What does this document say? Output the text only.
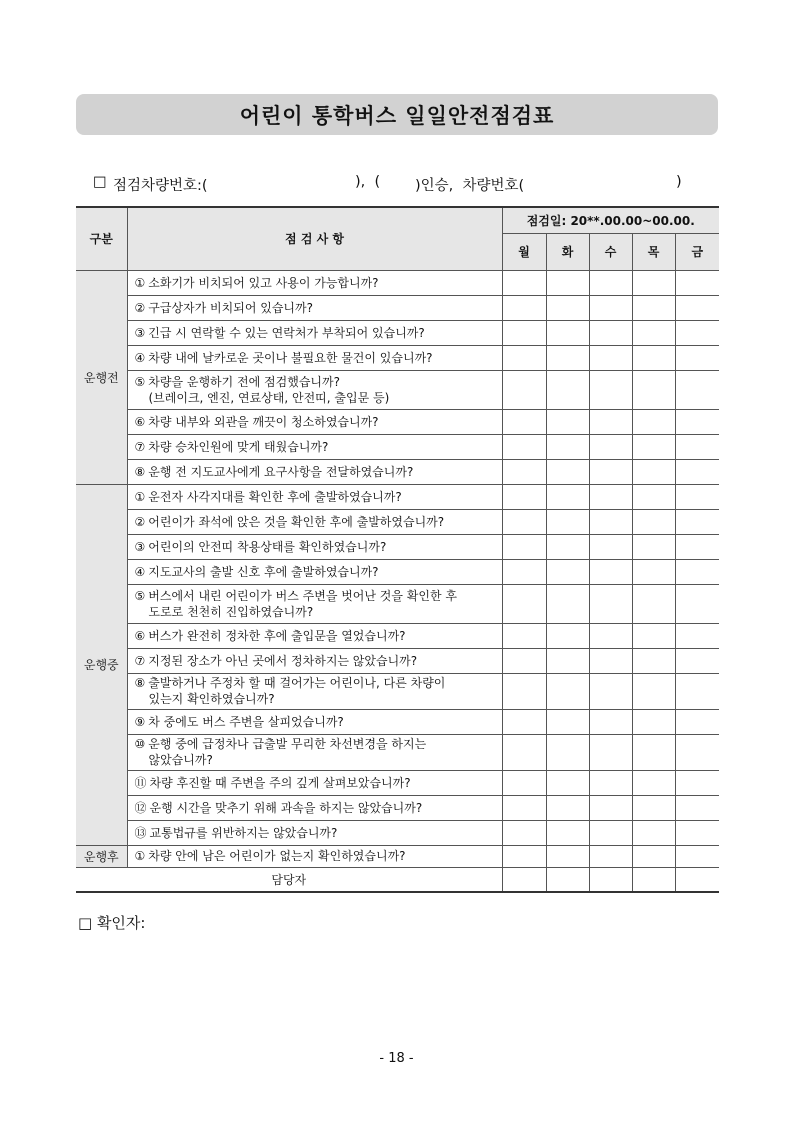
어린이 통학버스 일일안전점검표
□ 점검차량번호:(	),  ( )인승,  차량번호(	)
구분	점 검 사 항	점검일: 20**.00.00~00.00.				
		월	화	수	목	금
운행전	① 소화기가 비치되어 있고 사용이 가능합니까?					
	② 구급상자가 비치되어 있습니까?					
	③ 긴급 시 연락할 수 있는 연락처가 부착되어 있습니까?					
	④ 차량 내에 날카로운 곳이나 불필요한 물건이 있습니까?					
	⑤ 차량을 운행하기 전에 점검했습니까?
(브레이크, 엔진, 연료상태, 안전띠, 출입문 등)					
	⑥ 차량 내부와 외관을 깨끗이 청소하였습니까?					
	⑦ 차량 승차인원에 맞게 태웠습니까?					
	⑧ 운행 전 지도교사에게 요구사항을 전달하였습니까?					
운행중	① 운전자 사각지대를 확인한 후에 출발하였습니까?					
	② 어린이가 좌석에 앉은 것을 확인한 후에 출발하였습니까?					
	③ 어린이의 안전띠 착용상태를 확인하였습니까?					
	④ 지도교사의 출발 신호 후에 출발하였습니까?					
	⑤ 버스에서 내린 어린이가 버스 주변을 벗어난 것을 확인한 후
도로로 천천히 진입하였습니까?					
	⑥ 버스가 완전히 정차한 후에 출입문을 열었습니까?					
	⑦ 지정된 장소가 아닌 곳에서 정차하지는 않았습니까?					
	⑧ 출발하거나 주정차 할 때 걸어가는 어린이나, 다른 차량이
있는지 확인하였습니까?					
	⑨ 차 중에도 버스 주변을 살피었습니까?					
	⑩ 운행 중에 급정차나 급출발 무리한 차선변경을 하지는
않았습니까?					
	⑪ 차량 후진할 때 주변을 주의 깊게 살펴보았습니까?					
	⑫ 운행 시간을 맞추기 위해 과속을 하지는 않았습니까?					
	⑬ 교통법규를 위반하지는 않았습니까?					
운행후	① 차량 안에 남은 어린이가 없는지 확인하였습니까?					
담당자						
□ 확인자:
- 18 -
